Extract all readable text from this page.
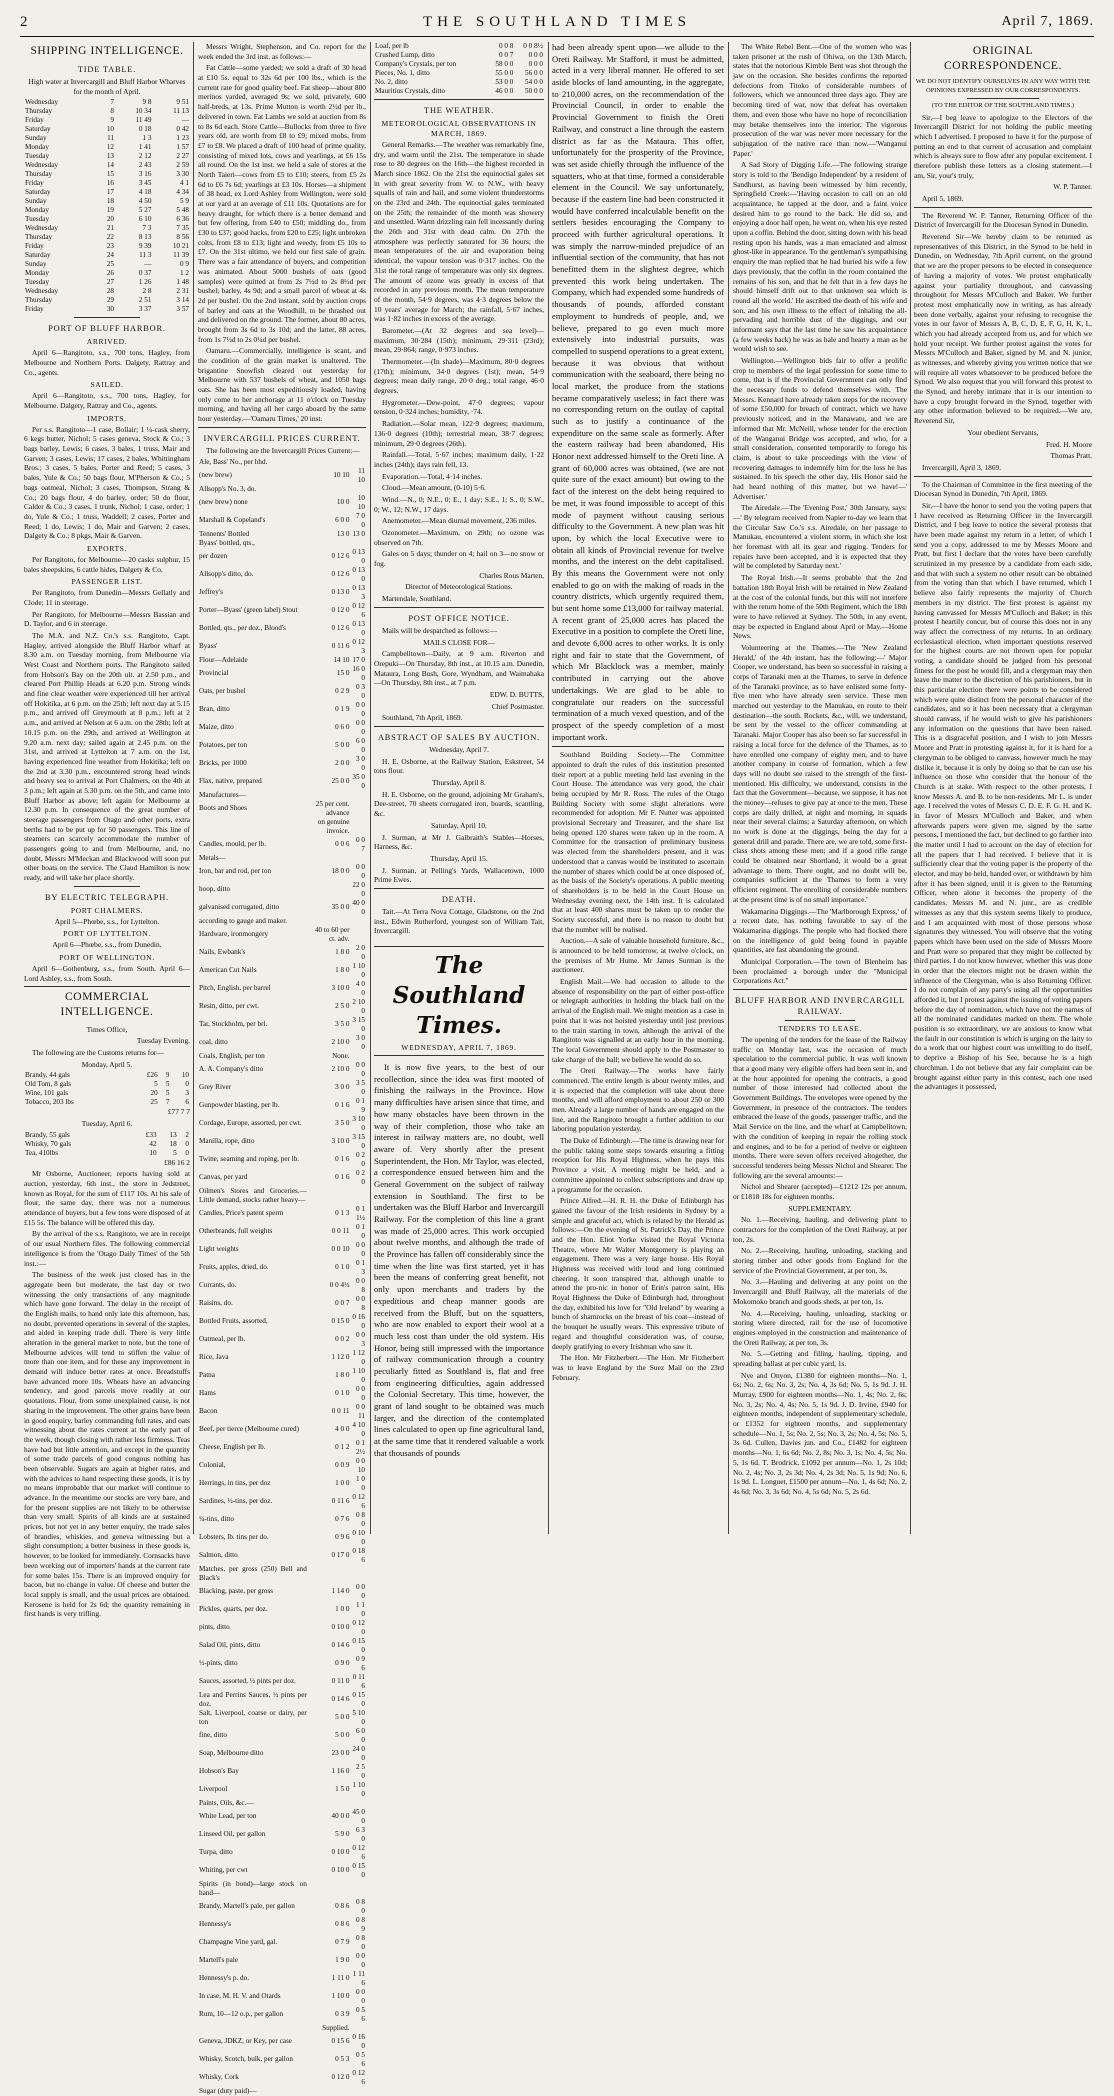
2	THE SOUTHLAND TIMES	April 7, 1869.
SHIPPING INTELLIGENCE.
TIDE TABLE.

High water at Invercargill and Bluff Harbor Wharves for the month of April.

Wednesday	7	9 8	9 51
Thursday	8	10 34	11 13
Friday	9	11 49	—
Saturday	10	0 18	0 42
Sunday	11	1 3	1 23
Monday	12	1 41	1 57
Tuesday	13	2 12	2 27
Wednesday	14	2 43	2 59
Thursday	15	3 16	3 30
Friday	16	3 45	4 1
Saturday	17	4 18	4 34
Sunday	18	4 50	5 9
Monday	19	5 27	5 48
Tuesday	20	6 10	6 36
Wednesday	21	7 3	7 35
Thursday	22	8 13	8 56
Friday	23	9 39	10 21
Saturday	24	11 3	11 39
Sunday	25	—	0 9
Monday	26	0 37	1 2
Tuesday	27	1 26	1 48
Wednesday	28	2 8	2 31
Thursday	29	2 51	3 14
Friday	30	3 37	3 57
PORT OF BLUFF HARBOR.
ARRIVED.

April 6—Rangitoto, s.s., 700 tons, Hagley, from Melbourne and Northern Ports. Dalgety, Rattray and Co., agents.

SAILED.

April 6—Rangitoto, s.s., 700 tons, Hagley, for Melbourne. Dalgety, Rattray and Co., agents.

IMPORTS.

Per s.s. Rangitoto—1 case, Bollair; 1 ¼-cask sherry, 6 kegs butter, Nichol; 5 cases geneva, Stock & Co.; 3 bags barley, Lewis; 6 cases, 3 bales, 1 truss, Mair and Garven; 3 cases, Lewis; 17 cases, 2 bales, Whittingham Bros.; 3 cases, 5 bales, Porter and Reed; 5 cases, 3 bales, Yule & Co.; 50 bags flour, M'Pherson & Co.; 5 bags oatmeal, Nichol; 3 cases, Thompson, Strang & Co.; 20 bags flour, 4 do barley, order; 50 do flour, Calder & Co.; 3 cases, 1 trunk, Nichol; 1 case, order; 1 do, Yule & Co.; 1 truss, Waddell; 2 cases, Porter and Reed; 1 do, Lewis; 1 do, Mair and Garven; 2 cases, Dalgety & Co.; 8 pkgs, Mair & Garven.

EXPORTS.

Per Rangitoto, for Melbourne—20 casks sulphur, 15 bales sheepskins, 6 cattle hides, Dalgety & Co.

PASSENGER LIST.

Per Rangitoto, from Dunedin—Messrs Gellatly and Clode; 11 in steerage.

Per Rangitoto, for Melbourne—Messrs Bassian and D. Taylor, and 6 in steerage.

The M.A. and N.Z. Co.'s s.s. Rangitoto, Capt. Hagley, arrived alongside the Bluff Harbor wharf at 8.30 a.m. on Tuesday morning, from Melbourne via West Coast and Northern ports. The Rangitoto sailed from Hobson's Bay on the 20th ult. at 2.50 p.m., and cleared Port Phillip Heads at 6.20 p.m. Strong winds and fine clear weather were experienced till her arrival off Hokitika, at 6 p.m. on the 25th; left next day at 5.15 p.m., and arrived off Greymouth at 8 p.m.; left at 2 a.m., and arrived at Nelson at 6 a.m. on the 28th; left at 10.15 p.m. on the 29th, and arrived at Wellington at 9.20 a.m. next day; sailed again at 2.45 p.m. on the 31st, and arrived at Lyttelton at 7 a.m. on the 1st, having experienced fine weather from Hokitika; left on the 2nd at 3.30 p.m., encountered strong head winds and heavy sea to arrival at Port Chalmers, on the 4th at 3 p.m.; left again at 5.30 p.m. on the 5th, and came into Bluff Harbor as above; left again for Melbourne at 12.30 p.m. In consequence of the great number of steerage passengers from Otago and other ports, extra berths had to be put up for 50 passengers. This line of steamers can scarcely accommodate the number of passengers going to and from Melbourne, and, no doubt, Messrs M'Meckan and Blackwood will soon put other boats on the service. The Claud Hamilton is now ready, and will take her place shortly.

BY ELECTRIC TELEGRAPH.
PORT CHALMERS.

April 5—Phœbe, s.s., for Lyttelton.

PORT OF LYTTELTON.

April 6—Phœbe, s.s., from Dunedin.

PORT OF WELLINGTON.

April 6—Gothenburg, s.s., from South. April 6—Lord Ashley, s.s., from South.

COMMERCIAL INTELLIGENCE.

Times Office,

Tuesday Evening.

The following are the Customs returns for—

Monday, April 5.

Brandy, 44 gals	£26	9	10
Old Tom, 8 gals	5	5	0
Wine, 101 gals	20	5	3
Tobacco, 203 lbs	25	7	6

£77 7 7

Tuesday, April 6.

Brandy, 55 gals	£33	13	2
Whisky, 70 gals	42	18	0
Tea, 410lbs	10	5	0

£86 16 2

Mr Osborne, Auctioneer, reports having sold at auction, yesterday, 6th inst., the store in Jedstreet, known as Royal, for the sum of £117 10s. At his sale of flour, the same day, there was not a numerous attendance of buyers, but a few tons were disposed of at £15 5s. The balance will be offered this day.

By the arrival of the s.s. Rangitoto, we are in receipt of our usual Northern files. The following commercial intelligence is from the 'Otago Daily Times' of the 5th inst.:—

The business of the week just closed has in the aggregate been but moderate, the last day or two witnessing the only transactions of any magnitude which have gone forward. The delay in the receipt of the English mails, to hand only late this afternoon, has, no doubt, prevented operations in several of the staples, and aided in keeping trade dull. There is very little alteration in the general market to note, but the tone of Melbourne advices will tend to stiffen the value of more than one item, and for these any improvement in demand will induce better rates at once. Breadstuffs have advanced more 10s. Wheats have an advancing tendency, and good parcels move readily at our quotations. Flour, from some unexplained cause, is not sharing in the improvement. The other grains have been in good enquiry, barley commanding full rates, and oats witnessing about the rates current at the early part of the week, though closing with rather less firmness. Teas have had but little attention, and except in the quantity of some trade parcels of good congous nothing has been observable. Sugars are again at higher rates, and with the advices to hand respecting these goods, it is by no means improbable that our market will continue to advance. In the meantime our stocks are very bare, and for the present supplies are not likely to be otherwise than very small. Spirits of all kinds are at sustained prices, but not yet in any better enquiry, the trade sales of brandies, whiskies, and geneva witnessing but a slight consumption; a better business in these goods is, however, to be looked for immediately. Cornsacks have been working out of importers' hands at the current rate for some bales 15s. There is an improved enquiry for bacon, but no change in value. Of cheese and butter the local supply is small, and the usual prices are obtained. Kerosene is held for 2s 6d; the quantity remaining in first hands is very trifling.

Messrs Wright, Stephenson, and Co. report for the week ended the 3rd inst. as follows:—

Fat Cattle—some yarded; we sold a draft of 30 head at £10 5s. equal to 32s 6d per 100 lbs., which is the current rate for good quality beef. Fat sheep—about 800 merinos yarded, averaged 9s; we sold, privately, 600 half-breds, at 13s. Prime Mutton is worth 2½d per lb., delivered in town. Fat Lambs we sold at auction from 8s to 8s 6d each. Store Cattle—Bullocks from three to five years old, are worth from £8 to £9; mixed mobs, from £7 to £8. We placed a draft of 100 head of prime quality, consisting of mixed lots, cows and yearlings, at £6 15s all round. On the 1st inst. we held a sale of stores at the North Taieri—cows from £5 to £10; steers, from £5 2s 6d to £6 7s 6d; yearlings at £3 10s. Horses—a shipment of 38 head, ex Lord Ashley from Wellington, were sold at our yard at an average of £11 10s. Quotations are for heavy draught, for which there is a better demand and but few offering, from £40 to £50; middling do., from £30 to £37; good hacks, from £20 to £25; light unbroken colts, from £8 to £13; light and weedy, from £5 10s to £7. On the 31st ultimo, we held our first sale of grain. There was a fair attendance of buyers, and competition was animated. About 5000 bushels of oats (good samples) were quitted at from 2s 7½d to 2s 8½d per bushel; barley, 4s 9d; and a small parcel of wheat at 4s 2d per bushel. On the 2nd instant, sold by auction crops of barley and oats at the Woodhill, to be thrashed out and delivered on the ground. The former, about 80 acres, brought from 3s 6d to 3s 10d; and the latter, 88 acres, from 1s 7½d to 2s 0¼d per bushel.

Oamaru.—Commercially, intelligence is scant, and the condition of the grain market is unaltered. The brigantine Snowfish cleared out yesterday for Melbourne with 537 bushels of wheat, and 1050 bags oats. She has been most expeditiously loaded, having only come to her anchorage at 11 o'clock on Tuesday morning, and having all her cargo aboard by the same hour yesterday.—'Oamaru Times,' 20 inst.

INVERCARGILL PRICES CURRENT.

The following are the Invercargill Prices Current:—

Ale, Bass' No., per hhd.		
(new brew)	10 10	11 10
Allsopp's No. 3, do.		
(new brew) none	10 0	10 10
Marshall & Copeland's	6 0 0	7 0 0
Tennents' Bottled	13 0	13 0
Byass' bottled, qts.,		
per dozen	0 12 6	0 13 0
Allsopp's ditto, do.	0 12 6	0 13 0
Jeffrey's	0 13 0	0 13 3
Porter—Byass' (green label) Stout	0 12 0	0 12 6
Bottled, qts., per doz., Blood's	0 12 6	0 13 0
Byass'	0 11 6	0 12 3
Flour—Adelaide	14 10	17 0
Provincial	15 0	16 0 0
Oats, per bushel	0 2 9	0 3 0
Bran, ditto	0 1 9	0 0 0
Maize, ditto	0 6 0	0 0 0
Potatoes, per ton	5 0 0	6 0 0
Bricks, per 1000	2 0 0	3 0 0
Flax, native, prepared	25 0 0	35 0 0
Manufactures—		
Boots and Shoes	25 per cent. advance	
	on genuine invoice.	
Candles, mould, per lb.	0 0 6	0 0 7
Metals—		
Iron, bar and rod, per ton	18 0 0	0 0 0
hoop, ditto		22 0 0
galvanised corrugated, ditto	35 0 0	40 0 0
according to gauge and maker.		
Hardware, ironmongery	40 to 60 per ct. adv.	
Nails, Ewbank's	1 8 0	2 0 0
American Cut Nails	1 8 0	1 10 0
Pitch, English, per barrel	3 10 0	4 0 0
Resin, ditto, per cwt.	2 5 0	2 10 0
Tar, Stockholm, per brl.	3 5 0	3 15 0
coal, ditto	2 10 0	3 0 0
Coals, English, per ton	None.	
A. A. Company's ditto	2 10 0	0 0 0
Grey River	3 0 0	3 5 0
Gunpowder blasting, per lb.	0 1 6	0 1 9
Cordage, Europe, assorted, per cwt.	3 5 0	3 10 0
Manilla, rope, ditto	3 10 0	3 15 0
Twine, seaming and roping, per lb.	0 1 6	0 2 0
Canvas, per yard	0 1 6	0 2 0
Oilmen's Stores and Groceries.—Little demand, stocks rather heavy—		
Candles, Price's patent sperm	0 1 3	0 1 1½
Otherbrands, full weights	0 0 11	0 1 0
Light weights	0 0 10	0 0 0
Fruits, apples, dried, do.	0 1 0	0 1 3
Currants, do.	0 0 4½	0 0 8
Raisins, do.	0 0 7	0 0 8
Bottled Fruits, assorted,	0 15 0	0 16 0
Oatmeal, per lb.	0 0 2	0 0 3
Rice, Java	1 12 0	1 12 0
Patna	1 8 0	1 10 0
Hams	0 1 0	0 0 0
Bacon	0 0 11	0 0 11
Beef, per tierce (Melbourne cured)	4 0 0	4 10 0
Cheese, English per lb.	0 1 2	0 1 2½
Colonial,	0 0 9	0 0 10
Herrings, in tins, per doz	1 0 0	1 0 0
Sardines, ½-tins, per doz.	0 11 6	0 12 6
¼-tins, ditto	0 7 6	0 8 0
Lobsters, lb. tins per do.	0 9 6	0 10 0
Salmon, ditto	0 17 0	0 18 6
Matches, per gross (250) Bell and Black's		
Blacking, paste, per gross	1 14 0	0 0 0
Pickles, quarts, per doz.	1 0 0	1 1 0
pints, ditto	0 10 0	0 12 0
Salad Oil, pints, ditto	0 14 6	0 15 0
½-pints, ditto	0 9 0	0 9 6
Sauces, assorted, ½ pints per doz.	0 11 0	0 11 6
Lea and Perrins Sauces, ½ pints per doz.	0 14 6	0 15 0
Salt, Liverpool, coarse or dairy, per ton	5 0 0	5 10 0
fine, ditto	5 0 0	6 0 0
Soap, Melbourne ditto	23 0 0	24 0 0
Hobson's Bay	1 16 0	2 5 0
Liverpool	1 5 0	1 10 0
Paints, Oils, &c.—		
White Lead, per ton	40 0 0	45 0 0
Linseed Oil, per gallon	5 9 0	6 3 0
Turpa, ditto	0 10 0	0 12 6
Whiting, per cwt	0 10 0	0 15 0
Spirits (in bond)—large stock on hand—		
Brandy, Martell's pale, per gallon	0 8 6	0 8 0
Hennessy's	0 8 6	0 8 9
Champagne Vine yard, gal.	0 7 9	0 8 0
Martell's pale	1 9 0	0 0 0
Hennessy's p. do.	1 11 0	1 11 6
In case, M. H. V. and Otards	1 10 0	0 0 0
Rum, 10—12 o.p., per gallon	0 3 9	0 5 6
	Supplied.	
Geneva, JDKZ, or Key, per case	0 15 6	0 16 0
Whisky, Scotch, bulk, per gallon	0 5 3	0 5 6
Whisky, Cork	0 12 0	0 12 6
Sugar (duty paid)—		
Loaf, per lb	0 0 8	0 0 8½
Crushed Lump, ditto	0 0 7	0 0 0
Company's Crystals, per ton	58 0 0	0 0 0
Pieces, No. 1, ditto	55 0 0	56 0 0
No. 2, ditto	53 0 0	54 0 0
Mauritius Crystals, ditto	46 0 0	50 0 0
THE WEATHER.
METEOROLOGICAL OBSERVATIONS IN MARCH, 1869.

General Remarks.—The weather was remarkably fine, dry, and warm until the 21st. The temperature in shade rose to 80 degrees on the 16th—the highest recorded in March since 1862. On the 21st the equinoctial gales set in with great severity from W. to N.W., with heavy squalls of rain and hail, and some violent thunderstorms on the 23rd and 24th. The equinoctial gales terminated on the 25th; the remainder of the month was showery and unsettled. Warm drizzling rain fell incessantly during the 26th and 31st with dead calm. On 27th the atmosphere was perfectly saturated for 36 hours; the mean temperatures of the air and evaporation being identical, the vapour tension was 0·317 inches. On the 31st the total range of temperature was only six degrees. The amount of ozone was greatly in excess of that recorded in any previous month. The mean temperature of the month, 54·9 degrees, was 4·3 degrees below the 10 years' average for March; the rainfall, 5·67 inches, was 1·82 inches in excess of the average.

Barometer.—(At 32 degrees and sea level)—maximum, 30·284 (15th); minimum, 29·311 (23rd); mean, 29·864; range, 0·973 inches.

Thermometer.—(In shade)—Maximum, 80·0 degrees (17th); minimum, 34·0 degrees (1st); mean, 54·9 degrees; mean daily range, 20·0 deg.; total range, 46·0 degrees.

Hygrometer.—Dew-point, 47·0 degrees; vapour tension, 0·324 inches; humidity, ·74.

Radiation.—Solar mean, 122·9 degrees; maximum, 136·0 degrees (10th); terrestrial mean, 38·7 degrees; minimum, 29·0 degrees (26th).

Rainfall.—Total, 5·67 inches; maximum daily, 1·22 inches (24th); days rain fell, 13.

Evaporation.—Total, 4·14 inches.

Cloud.—Mean amount, (0-10) 5·6.

Wind.—N., 0; N.E., 0; E., 1 day; S.E., 1; S., 0; S.W., 0; W., 12; N.W., 17 days.

Anemometer.—Mean diurnal movement, 236 miles.

Ozonometer.—Maximum, on 29th; no ozone was observed on 7th.

Gales on 5 days; thunder on 4; hail on 3—no snow or fog.

Charles Rous Marten,

Director of Meteorological Stations.

Martendale, Southland.

POST OFFICE NOTICE.

Mails will be despatched as follows:—

MAILS CLOSE FOR—

Campbelltown—Daily, at 9 a.m. Riverton and Orepuki—On Thursday, 8th inst., at 10.15 a.m. Dunedin, Mataura, Long Bush, Gore, Wyndham, and Waimahaka—On Thursday, 8th inst., at 7 p.m.

EDW. D. BUTTS,

Chief Postmaster.

Southland, 7th April, 1869.

ABSTRACT OF SALES BY AUCTION.

Wednesday, April 7.

H. E. Osborne, at the Railway Station, Eskstreet, 54 tons flour.

Thursday, April 8.

H. E. Osborne, on the ground, adjoining Mr Graham's, Dee-street, 70 sheets corrugated iron, boards, scantling, &c.

Saturday, April 10.

J. Surman, at Mr J. Galbraith's Stables—Horses, Harness, &c.

Thursday, April 15.

J. Surman, at Pelling's Yards, Wallacetown, 1000 Prime Ewes.

DEATH.

Tait.—At Terra Nova Cottage, Gladstone, on the 2nd inst., Edwin Rutherford, youngest son of William Tait, Invercargill.

The Southland Times.

WEDNESDAY, APRIL 7, 1869.

It is now five years, to the best of our recollection, since the idea was first mooted of finishing the railways in the Province. How many difficulties have arisen since that time, and how many obstacles have been thrown in the way of their completion, those who take an interest in railway matters are, no doubt, well aware of. Very shortly after the present Superintendent, the Hon. Mr Taylor, was elected, a correspondence ensued between him and the General Government on the subject of railway extension in Southland. The first to be undertaken was the Bluff Harbor and Invercargill Railway. For the completion of this line a grant was made of 25,000 acres. This work occupied about twelve months, and although the trade of the Province has fallen off considerably since the time when the line was first started, yet it has been the means of conferring great benefit, not only upon merchants and traders by the expeditious and cheap manner goods are received from the Bluff, but on the squatters, who are now enabled to export their wool at a much less cost than under the old system. His Honor, being still impressed with the importance of railway communication through a country peculiarly fitted as Southland is, flat and free from engineering difficulties, again addressed the Colonial Secretary. This time, however, the grant of land sought to be obtained was much larger, and the direction of the contemplated lines calculated to open up fine agricultural land, at the same time that it rendered valuable a work that thousands of pounds

had been already spent upon—we allude to the Oreti Railway. Mr Stafford, it must be admitted, acted in a very liberal manner. He offered to set aside blocks of land amounting, in the aggregate, to 210,000 acres, on the recommendation of the Provincial Council, in order to enable the Provincial Government to finish the Oreti Railway, and construct a line through the eastern district as far as the Mataura. This offer, unfortunately for the prosperity of the Province, was set aside chiefly through the influence of the squatters, who at that time, formed a considerable element in the Council. We say unfortunately, because if the eastern line had been constructed it would have conferred incalculable benefit on the settlers besides encouraging the Company to proceed with further agricultural operations. It was simply the narrow-minded prejudice of an influential section of the community, that has not benefitted them in the slightest degree, which prevented this work being undertaken. The Company, which had expended some hundreds of thousands of pounds, afforded constant employment to hundreds of people, and, we believe, prepared to go even much more extensively into industrial pursuits, was compelled to suspend operations to a great extent, because it was obvious that without communication with the seaboard, there being no local market, the produce from the stations became comparatively useless; in fact there was no corresponding return on the outlay of capital such as to justify a continuance of the expenditure on the same scale as formerly. After the eastern railway had been abandoned, His Honor next addressed himself to the Oreti line. A grant of 60,000 acres was obtained, (we are not quite sure of the exact amount) but owing to the fact of the interest on the debt being required to be met, it was found impossible to accept of this mode of payment without causing serious difficulty to the Government. A new plan was hit upon, by which the local Executive were to obtain all kinds of Provincial revenue for twelve months, and the interest on the debt capitalised. By this means the Government were not only enabled to go on with the making of roads in the country districts, which urgently required them, but sent home some £13,000 for railway material. A recent grant of 25,000 acres has placed the Executive in a position to complete the Oreti line, and devote 6,000 acres to other works. It is only right and fair to state that the Government, of which Mr Blacklock was a member, mainly contributed in carrying out the above undertakings. We are glad to be able to congratulate our readers on the successful termination of a much vexed question, and of the prospect of the speedy completion of a most important work.

Southland Building Society.—The Committee appointed to draft the rules of this institution presented their report at a public meeting held last evening in the Court House. The attendance was very good, the chair being occupied by Mr R. Ross. The rules of the Otago Building Society with some slight alterations were recommended for adoption. Mr F. Nutter was appointed provisional Secretary and Treasurer, and the share list being opened 120 shares were taken up in the room. A Committee for the transaction of preliminary business was elected from the shareholders present, and it was understood that a canvas would be instituted to ascertain the number of shares which could be at once disposed of, as the basis of the Society's operations. A public meeting of shareholders is to be held in the Court House on Wednesday evening next, the 14th inst. It is calculated that at least 400 shares must be taken up to render the Society successful, and there is no reason to doubt but that the number will be realised.

Auction.—A sale of valuable household furniture, &c., is announced to be held tomorrow, at twelve o'clock, on the premises of Mr Hume. Mr James Surman is the auctioneer.

English Mail.—We had occasion to allude to the absence of responsibility on the part of either post-office or telegraph authorities in holding the black ball on the arrival of the English mail. We might mention as a case in point that it was not hoisted yesterday until just previous to the train starting in town, although the arrival of the Rangitoto was signalled at an early hour in the morning. The local Government should apply to the Postmaster to take charge of the ball; we believe he would do so.

The Oreti Railway.—The works have fairly commenced. The entire length is about twenty miles, and it is expected that the completion will take about three months, and will afford employment to about 250 or 300 men. Already a large number of hands are engaged on the line, and the Rangitoto brought a further addition to our laboring population yesterday.

The Duke of Edinburgh.—The time is drawing near for the public taking some steps towards ensuring a fitting reception for His Royal Highness, when he pays this Province a visit. A meeting might be held, and a committee appointed to collect subscriptions and draw up a programme for the occasion.

Prince Alfred.—H. R. H. the Duke of Edinburgh has gained the favour of the Irish residents in Sydney by a simple and graceful act, which is related by the Herald as follows:—On the evening of St. Patrick's Day, the Prince and the Hon. Eliot Yorke visited the Royal Victoria Theatre, where Mr Walter Montgomery is playing an engagement. There was a very large house. His Royal Highness was received with loud and long continued cheering. It soon transpired that, although unable to attend the pro-nic in honor of Erin's patron saint, His Royal Highness the Duke of Edinburgh had, throughout the day, exhibited his love for "Old Ireland" by wearing a bunch of shamrocks on the breast of his coat—instead of the bouquet he usually wears. This expressive tribute of regard and thoughtful consideration was, of course, deeply gratifying to every Irishman who saw it.

The Hon. Mr Fitzherbert.—The Hon. Mr Fitzherbert was to leave England by the Suez Mail on the 23rd February.

The White Rebel Bent.—One of the women who was taken prisoner at the rush of Ohiwa, on the 13th March, states that the notorious Kimble Bent was shot through the jaw on the occasion. She besides confirms the reported defections from Titoko of considerable numbers of followers, which we announced three days ago. They are becoming tired of war, now that defeat has overtaken them, and even those who have no hope of reconciliation may betake themselves into the interior. The vigorous prosecution of the war was never more necessary for the subjugation of the native race than now.—'Wanganui Paper.'

A Sad Story of Digging Life.—The following strange story is told to the 'Bendigo Independent' by a resident of Sandhurst, as having been witnessed by him recently, Springfield Creek:—'Having occasion to call on an old acquaintance, he tapped at the door, and a faint voice desired him to go round to the back. He did so, and enjoying a door half open, he went on, when his eye rested upon a coffin. Behind the door, sitting down with his head resting upon his hands, was a man emaciated and almost ghost-like in appearance. To the gentleman's sympathising enquiry the man replied that he had buried his wife a few days previously, that the coffin in the room contained the remains of his son, and that he felt that in a few days he should himself drift out to that unknown sea which is round all the world.' He ascribed the death of his wife and son, and his own illness to the effect of inhaling the all-pervading and horrible dust of the diggings, and our informant says that the last time he saw his acquaintance (a few weeks back) he was as hale and hearty a man as he would wish to see.

Wellington.—Wellington bids fair to offer a prolific crop to members of the legal profession for some time to come, that is if the Provincial Government can only find the necessary funds to defend themselves with. The Messrs. Kennard have already taken steps for the recovery of some £50,000 for breach of contract, which we have previously noticed, and in the Manawatu, and we are informed that Mr. McNeill, whose tender for the erection of the Wanganui Bridge was accepted, and who, for a small consideration, consented temporarily to forego his claim, is about to take proceedings with the view of recovering damages to indemnify him for the loss he has sustained. In his speech the other day, His Honor said he had heard nothing of this matter, but we have!—' Advertiser.'

The Airedale.—The 'Evening Post,' 30th January, says:—' By telegram received from Napier to-day we learn that the Circular Saw Co.'s s.s. Airedale, on her passage to Manukau, encountered a violent storm, in which she lost her foremast with all its gear and rigging. Tenders for repairs have been accepted, and it is expected that they will be completed by Saturday next.'

The Royal Irish.—It seems probable that the 2nd battalion 18th Royal Irish will be retained in New Zealand at the cost of the colonial funds, but this will not interfere with the return home of the 50th Regiment, which the 18th were to have relieved at Sydney. The 50th, in any event, may be expected in England about April or May.—Home News.

Volunteering at the Thames.—The 'New Zealand Herald,' of the 4th instant, has the following:—' Major Cooper, we understand, has been so successful in raising a corps of Taranaki men at the Thames, to serve in defence of the Taranaki province, as to have enlisted some forty-five men who have already seen service. These men marched out yesterday to the Manukau, en route to their destination—the south. Rockets, &c., will, we understand, be sent by the vessel to the officer commanding at Taranaki. Major Cooper has also been so far successful in raising a local force for the defence of the Thames, as to have enrolled one company of eighty men, and to have another company in course of formation, which a few days will no doubt see raised to the strength of the first-mentioned. His difficulty, we understand, consists in the fact that the Government—because, we suppose, it has not the money—refuses to give pay at once to the men. These corps are daily drilled, at night and morning, in squads near their several claims; a Saturday afternoon, on which no work is done at the diggings, being the day for a general drill and parade. There are, we are told, some first-class shots among these men; and if a good rifle range could be obtained near Shortland, it would be a great advantage to them. There ought, and no doubt will be, companies sufficient at the Thames to form a very efficient regiment. The enrolling of considerable numbers at the present time is of no small importance.'

Wakamarina Diggings.—The 'Marlborough Express,' of a recent date, has nothing favorable to say of the Wakamarina diggings. The people who had flocked there on the intelligence of gold being found in payable quantities, are fast abandoning the ground.

Municipal Corporation.—The town of Blenheim has been proclaimed a borough under the "Municipal Corporations Act."

BLUFF HARBOR AND INVERCARGILL RAILWAY.
TENDERS TO LEASE.

The opening of the tenders for the lease of the Railway traffic on Monday last, was the occasion of much speculation to the commercial public. It was well known that a good many very eligible offers had been sent in, and at the hour appointed for opening the contracts, a good number of those interested had collected about the Government Buildings. The envelopes were opened by the Government, in presence of the contractors. The tenders embraced the lease of the goods, passenger traffic, and the Mail Service on the line, and the wharf at Campbelltown, with the condition of keeping in repair the rolling stock and engines, and to be for a period of twelve or eighteen months. There were seven offers received altogether, the successful tenderers being Messrs Nichol and Shearer. The following are the several amounts:—

Nichol and Shearer (accepted)—£1212 12s per annum, or £1818 18s for eighteen months.

SUPPLEMENTARY.

No. 1.—Receiving, hauling, and delivering plant to contractors for the completion of the Oreti Railway, at per ton, 2s.

No. 2.—Receiving, hauling, unloading, stacking and storing timber and other goods from England for the service of the Provincial Government, at per ton, 3s.

No. 3.—Hauling and delivering at any point on the Invercargill and Bluff Railway, all the materials of the Mokomoko branch and goods sheds, at per ton, 1s.

No. 4.—Receiving, hauling, unloading, stacking or storing where directed, rail for the use of locomotive engines employed in the construction and maintenance of the Oreti Railway, at per ton, 3s.

No. 5.—Getting and filling, hauling, tipping, and spreading ballast at per cubic yard, 1s.

Nye and Onyon, £1380 for eighteen months—No. 1, 6s; No. 2, 6s; No. 3, 2s; No. 4, 3s 6d; No. 5, 1s 9d. J. H. Murray, £900 for eighteen months—No. 1, 4s; No. 2, 6s; No. 3, 2s; No. 4, 4s; No. 5, 1s 9d. J. D. Irvine, £940 for eighteen months, independent of supplementary schedule, or £1352 for eighteen months, and supplementary schedule—No. 1, 5s; No. 2, 5s; No. 3, 2s; No. 4, 5s; No. 5, 3s 6d. Cullen, Davies jun. and Co., £1482 for eighteen months—No. 1, 6s 6d; No. 2, 8s; No. 3, 1s; No. 4, 5s; No. 5, 1s 6d. T. Brodrick, £1092 per annum—No. 1, 2s 10d; No. 2, 4s; No. 3, 2s 3d; No. 4, 2s 3d; No. 5, 1s 9d; No. 6, 1s 9d. L. Longuet, £1500 per annum—No. 1, 4s 6d; No. 2, 4s 6d; No. 3, 3s 6d; No. 4, 5s 6d; No. 5, 2s 6d.

ORIGINAL CORRESPONDENCE.

WE DO NOT IDENTIFY OURSELVES IN ANY WAY WITH THE OPINIONS EXPRESSED BY OUR CORRESPONDENTS.

(TO THE EDITOR OF THE SOUTHLAND TIMES.)

Sir,—I beg leave to apologize to the Electors of the Invercargill District for not holding the public meeting which I advertised. I proposed to have it for the purpose of putting an end to that current of accusation and complaint which is always sure to flow after any popular excitement. I therefore publish these letters as a closing statement.—I am, Sir, your's truly,

W. P. Tanner.

April 5, 1869.

The Reverend W. P. Tanner, Returning Officer of the District of Invercargill for the Diocesan Synod in Dunedin.

Reverend Sir—We hereby claim to be returned as representatives of this District, in the Synod to be held in Dunedin, on Wednesday, 7th April current, on the ground that we are the proper persons to be elected in consequence of having a majority of votes. We protest emphatically against your partiality throughout, and canvassing throughout for Messrs M'Culloch and Baker. We further protest most emphatically now in writing, as has already been done verbally, against your refusing to recognise the votes in our favor of Messrs A, B, C, D, E, F, G, H, K, L, which you had already accepted from us, and for which we hold your receipt. We further protest against the votes for Messrs M'Culloch and Baker, signed by M. and N. junior, as witnesses, and whereby giving you written notice that we will require all votes whatsoever to be produced before the Synod. We also request that you will forward this protest to the Synod, and hereby intimate that it is our intention to have a copy brought forward in the Synod, together with any other information believed to be required.—We are, Reverend Sir,

Your obedient Servants,

Fred. H. Moore

Thomas Pratt.

Invercargill, April 3, 1869.

To the Chairman of Committee in the first meeting of the Diocesan Synod in Dunedin, 7th April, 1869.

Sir,—I have the honor to send you the voting papers that I have received as Returning Officer in the Invercargill District, and I beg leave to notice the several protests that have been made against my return in a letter, of which I send you a copy, addressed to me by Messrs Moore and Pratt, but first I declare that the votes have been carefully scrutinized in my presence by a candidate from each side, and that with such a system no other result can be obtained from the voting than that which I have returned, which I believe also fairly represents the majority of Church members in my district. The first protest is against my having canvassed for Messrs M'Culloch and Baker; in this protest I heartily concur, but of course this does not in any way affect the correctness of my returns. In an ordinary ecclesiastical election, when important questions reserved for the highest courts are not thrown open for popular voting, a candidate should be judged from his personal fitness for the post he would fill, and a clergyman may then leave the matter to the discretion of his parishioners, but in this particular election there were points to be considered which were quite distinct from the personal character of the candidates, and so it has been necessary that a clergyman should canvass, if he would wish to give his parishioners any information on the questions that have been raised. This is a disgraceful position, and I wish to join Messrs Moore and Pratt in protesting against it, for it is hard for a clergyman to be obliged to canvass, however much he may dislike it, because it is only by doing so that he can use his influence on those who consider that the honour of the Church is at stake. With respect to the other protests, I know Messrs A. and B. to be non-residents. Mr L. is under age. I received the votes of Messrs C. D. E. F. G. H. and K. in favor of Messrs M'Culloch and Baker, and when afterwards papers were given me, signed by the same persons, I mentioned the fact, but declined to go farther into the matter until I had to account on the day of election for all the papers that I had received. I believe that it is sufficiently clear that the voting paper is the property of the elector, and may be held, handed over, or withdrawn by him after it has been signed, until it is given to the Returning Officer, when alone it becomes the property of the candidates. Messrs M. and N. junr., are as credible witnesses as any that this system seems likely to produce, and I am acquainted with most of those persons whose signatures they witnessed. You will observe that the voting papers which have been used on the side of Messrs Moore and Pratt were so prepared that they might be collected by third parties. I do not know however, whether this was done in order that the electors might not be drawn within the influence of the Clergyman, who is also Returning Officer. I do not complain of any party's using all the opportunities afforded it, but I protest against the issuing of voting papers before the day of nomination, which have not the names of all the nominated candidates marked on them. The whole position is so extraordinary, we are anxious to know what the fault in our constitution is which is urging on the laity to do a work that our highest court was unwilling to do itself, to deprive a Bishop of his See, because he is a high churchman. I do not believe that any fair complaint can be brought against either party in this contest, each one used the advantages it possessed,
